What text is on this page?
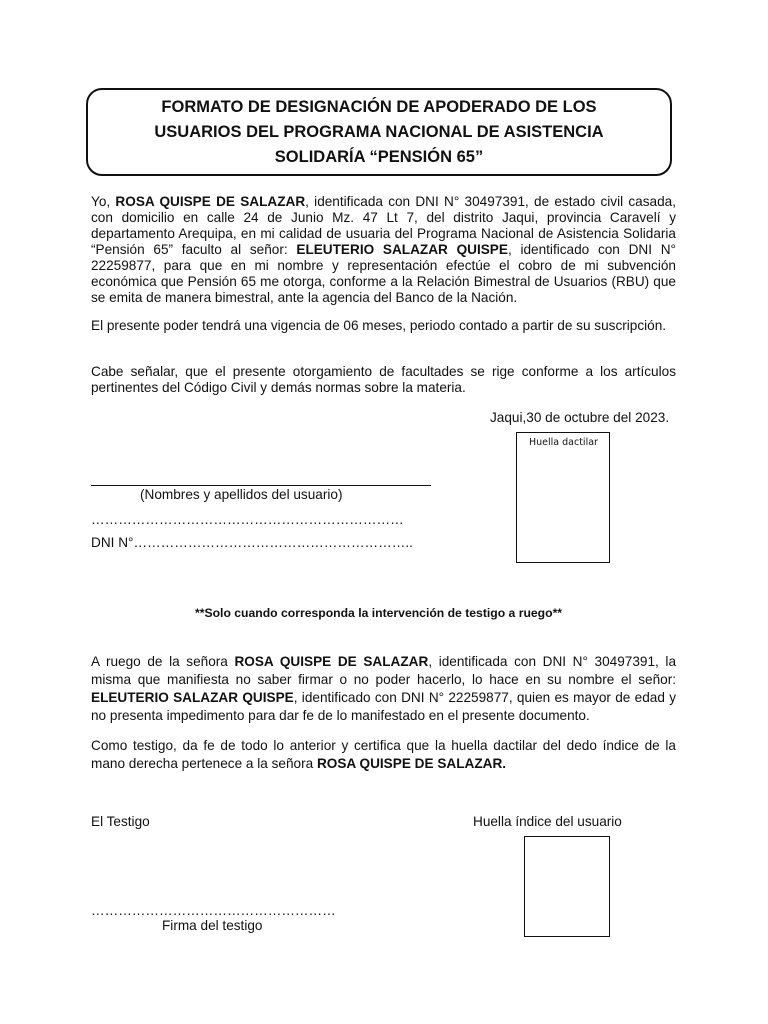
FORMATO DE DESIGNACIÓN DE APODERADO DE LOS
USUARIOS DEL PROGRAMA NACIONAL DE ASISTENCIA
SOLIDARÍA “PENSIÓN 65”
Yo, ROSA QUISPE DE SALAZAR, identificada con DNI N° 30497391, de estado civil casada, con domicilio en calle 24 de Junio Mz. 47 Lt 7, del distrito Jaqui, provincia Caravelí y departamento Arequipa, en mi calidad de usuaria del Programa Nacional de Asistencia Solidaria “Pensión 65” faculto al señor: ELEUTERIO SALAZAR QUISPE, identificado con DNI N° 22259877, para que en mi nombre y representación efectúe el cobro de mi subvención económica que Pensión 65 me otorga, conforme a la Relación Bimestral de Usuarios (RBU) que se emita de manera bimestral, ante la agencia del Banco de la Nación.
El presente poder tendrá una vigencia de 06 meses, periodo contado a partir de su suscripción.
Cabe señalar, que el presente otorgamiento de facultades se rige conforme a los artículos pertinentes del Código Civil y demás normas sobre la materia.
Jaqui,30 de octubre del 2023.
Huella dactilar
(Nombres y apellidos del usuario)
……………………………………………………………
DNI N°……………………………………………………..
**Solo cuando corresponda la intervención de testigo a ruego**
A ruego de la señora ROSA QUISPE DE SALAZAR, identificada con DNI N° 30497391, la misma que manifiesta no saber firmar o no poder hacerlo, lo hace en su nombre el señor: ELEUTERIO SALAZAR QUISPE, identificado con DNI N° 22259877, quien es mayor de edad y no presenta impedimento para dar fe de lo manifestado en el presente documento.
Como testigo, da fe de todo lo anterior y certifica que la huella dactilar del dedo índice de la mano derecha pertenece a la señora ROSA QUISPE DE SALAZAR.
El Testigo	Huella índice del usuario
………………………………………………
Firma del testigo
